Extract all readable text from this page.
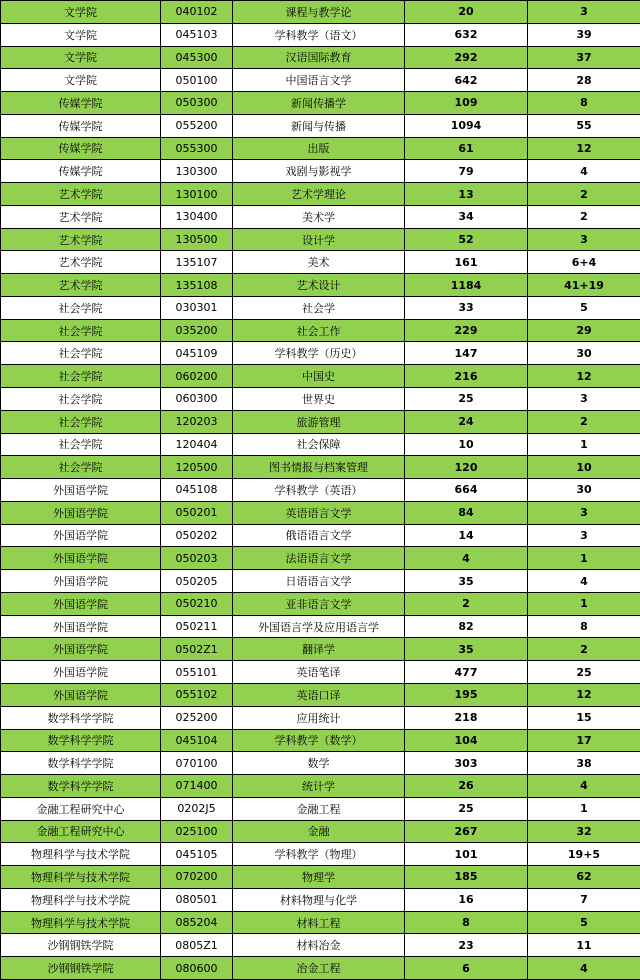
文学院	040102	课程与教学论	20	3
文学院	045103	学科教学（语文）	632	39
文学院	045300	汉语国际教育	292	37
文学院	050100	中国语言文学	642	28
传媒学院	050300	新闻传播学	109	8
传媒学院	055200	新闻与传播	1094	55
传媒学院	055300	出版	61	12
传媒学院	130300	戏剧与影视学	79	4
艺术学院	130100	艺术学理论	13	2
艺术学院	130400	美术学	34	2
艺术学院	130500	设计学	52	3
艺术学院	135107	美术	161	6+4
艺术学院	135108	艺术设计	1184	41+19
社会学院	030301	社会学	33	5
社会学院	035200	社会工作	229	29
社会学院	045109	学科教学（历史）	147	30
社会学院	060200	中国史	216	12
社会学院	060300	世界史	25	3
社会学院	120203	旅游管理	24	2
社会学院	120404	社会保障	10	1
社会学院	120500	图书情报与档案管理	120	10
外国语学院	045108	学科教学（英语）	664	30
外国语学院	050201	英语语言文学	84	3
外国语学院	050202	俄语语言文学	14	3
外国语学院	050203	法语语言文学	4	1
外国语学院	050205	日语语言文学	35	4
外国语学院	050210	亚非语言文学	2	1
外国语学院	050211	外国语言学及应用语言学	82	8
外国语学院	0502Z1	翻译学	35	2
外国语学院	055101	英语笔译	477	25
外国语学院	055102	英语口译	195	12
数学科学学院	025200	应用统计	218	15
数学科学学院	045104	学科教学（数学）	104	17
数学科学学院	070100	数学	303	38
数学科学学院	071400	统计学	26	4
金融工程研究中心	0202J5	金融工程	25	1
金融工程研究中心	025100	金融	267	32
物理科学与技术学院	045105	学科教学（物理）	101	19+5
物理科学与技术学院	070200	物理学	185	62
物理科学与技术学院	080501	材料物理与化学	16	7
物理科学与技术学院	085204	材料工程	8	5
沙钢钢铁学院	0805Z1	材料冶金	23	11
沙钢钢铁学院	080600	冶金工程	6	4
